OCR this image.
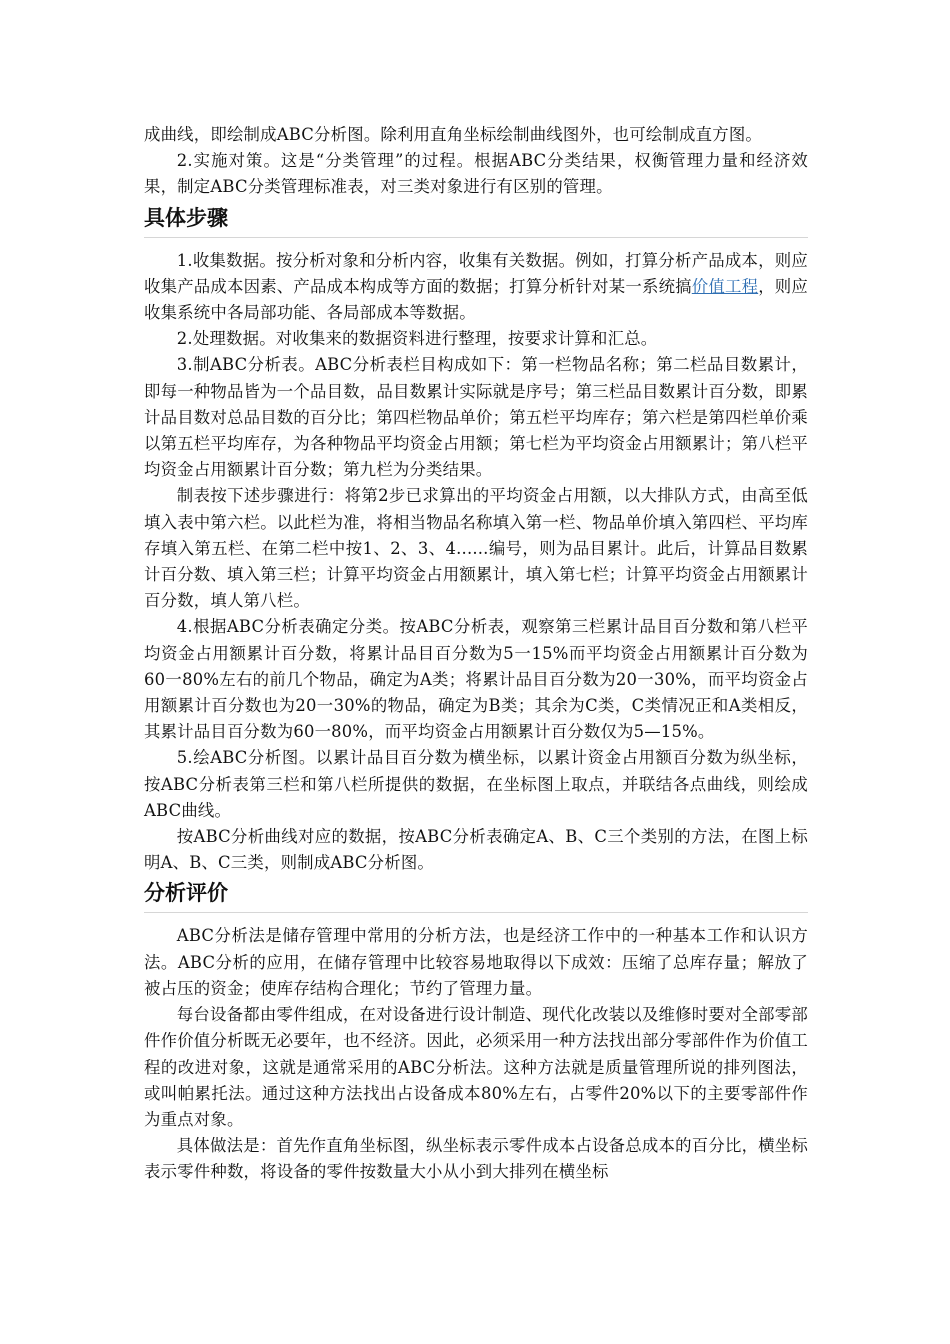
成曲线，即绘制成ABC分析图。除利用直角坐标绘制曲线图外，也可绘制成直方图。

2.实施对策。这是“分类管理”的过程。根据ABC分类结果，权衡管理力量和经济效果，制定ABC分类管理标准表，对三类对象进行有区别的管理。

具体步骤

1.收集数据。按分析对象和分析内容，收集有关数据。例如，打算分析产品成本，则应收集产品成本因素、产品成本构成等方面的数据；打算分析针对某一系统搞价值工程，则应收集系统中各局部功能、各局部成本等数据。

2.处理数据。对收集来的数据资料进行整理，按要求计算和汇总。

3.制ABC分析表。ABC分析表栏目构成如下：第一栏物品名称；第二栏品目数累计，即每一种物品皆为一个品目数，品目数累计实际就是序号；第三栏品目数累计百分数，即累计品目数对总品目数的百分比；第四栏物品单价；第五栏平均库存；第六栏是第四栏单价乘以第五栏平均库存，为各种物品平均资金占用额；第七栏为平均资金占用额累计；第八栏平均资金占用额累计百分数；第九栏为分类结果。

制表按下述步骤进行：将第2步已求算出的平均资金占用额，以大排队方式，由高至低填入表中第六栏。以此栏为准，将相当物品名称填入第一栏、物品单价填入第四栏、平均库存填入第五栏、在第二栏中按1、2、3、4......编号，则为品目累计。此后，计算品目数累计百分数、填入第三栏；计算平均资金占用额累计，填入第七栏；计算平均资金占用额累计百分数，填人第八栏。

4.根据ABC分析表确定分类。按ABC分析表，观察第三栏累计品目百分数和第八栏平均资金占用额累计百分数，将累计品目百分数为5一15%而平均资金占用额累计百分数为60一80%左右的前几个物品，确定为A类；将累计品目百分数为20一30%，而平均资金占用额累计百分数也为20一30%的物品，确定为B类；其余为C类，C类情况正和A类相反，其累计品目百分数为60一80%，而平均资金占用额累计百分数仅为5—15%。

5.绘ABC分析图。以累计品目百分数为横坐标，以累计资金占用额百分数为纵坐标，按ABC分析表第三栏和第八栏所提供的数据，在坐标图上取点，并联结各点曲线，则绘成ABC曲线。

按ABC分析曲线对应的数据，按ABC分析表确定A、B、C三个类别的方法，在图上标明A、B、C三类，则制成ABC分析图。

分析评价

ABC分析法是储存管理中常用的分析方法，也是经济工作中的一种基本工作和认识方法。ABC分析的应用，在储存管理中比较容易地取得以下成效：压缩了总库存量；解放了被占压的资金；使库存结构合理化；节约了管理力量。

每台设备都由零件组成，在对设备进行设计制造、现代化改装以及维修时要对全部零部件作价值分析既无必要年，也不经济。因此，必须采用一种方法找出部分零部件作为价值工程的改进对象，这就是通常采用的ABC分析法。这种方法就是质量管理所说的排列图法，或叫帕累托法。通过这种方法找出占设备成本80%左右，占零件20%以下的主要零部件作为重点对象。

具体做法是：首先作直角坐标图，纵坐标表示零件成本占设备总成本的百分比，横坐标表示零件种数，将设备的零件按数量大小从小到大排列在横坐标
